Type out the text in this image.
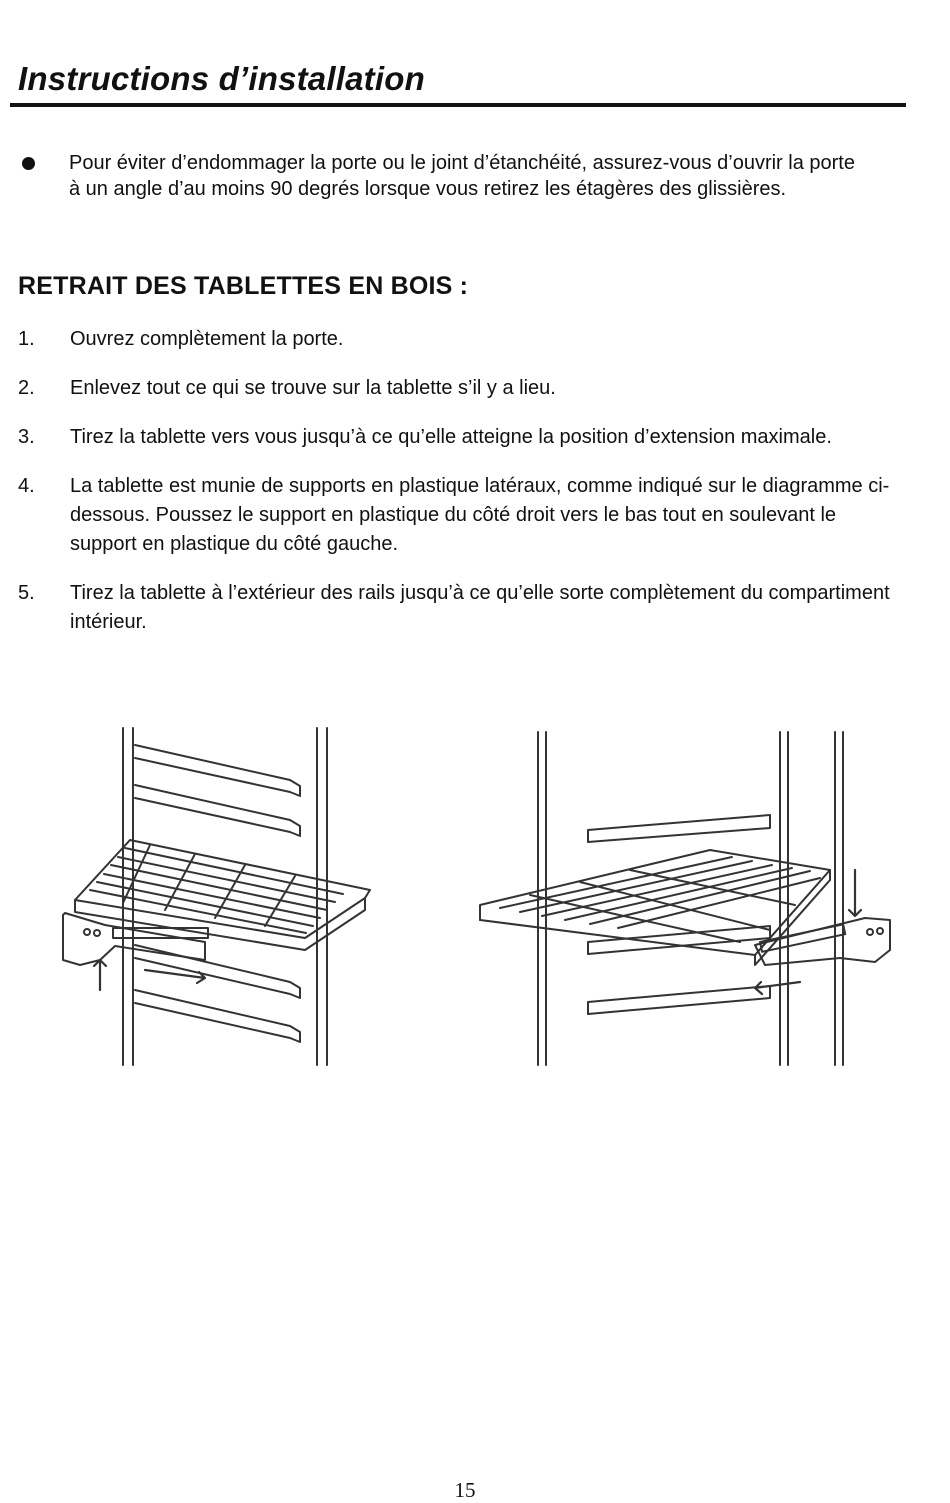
Instructions d’installation
Pour éviter d’endommager la porte ou le joint d’étanchéité, assurez-vous d’ouvrir la porte à un angle d’au moins 90 degrés lorsque vous retirez les étagères des glissières.
RETRAIT DES TABLETTES EN BOIS :
1. Ouvrez complètement la porte.
2. Enlevez tout ce qui se trouve sur la tablette s’il y a lieu.
3. Tirez la tablette vers vous jusqu’à ce qu’elle atteigne la position d’extension maximale.
4. La tablette est munie de supports en plastique latéraux, comme indiqué sur le diagramme ci-dessous. Poussez le support en plastique du côté droit vers le bas tout en soulevant le support en plastique du côté gauche.
5. Tirez la tablette à l’extérieur des rails jusqu’à ce qu’elle sorte complètement du compartiment intérieur.
15
